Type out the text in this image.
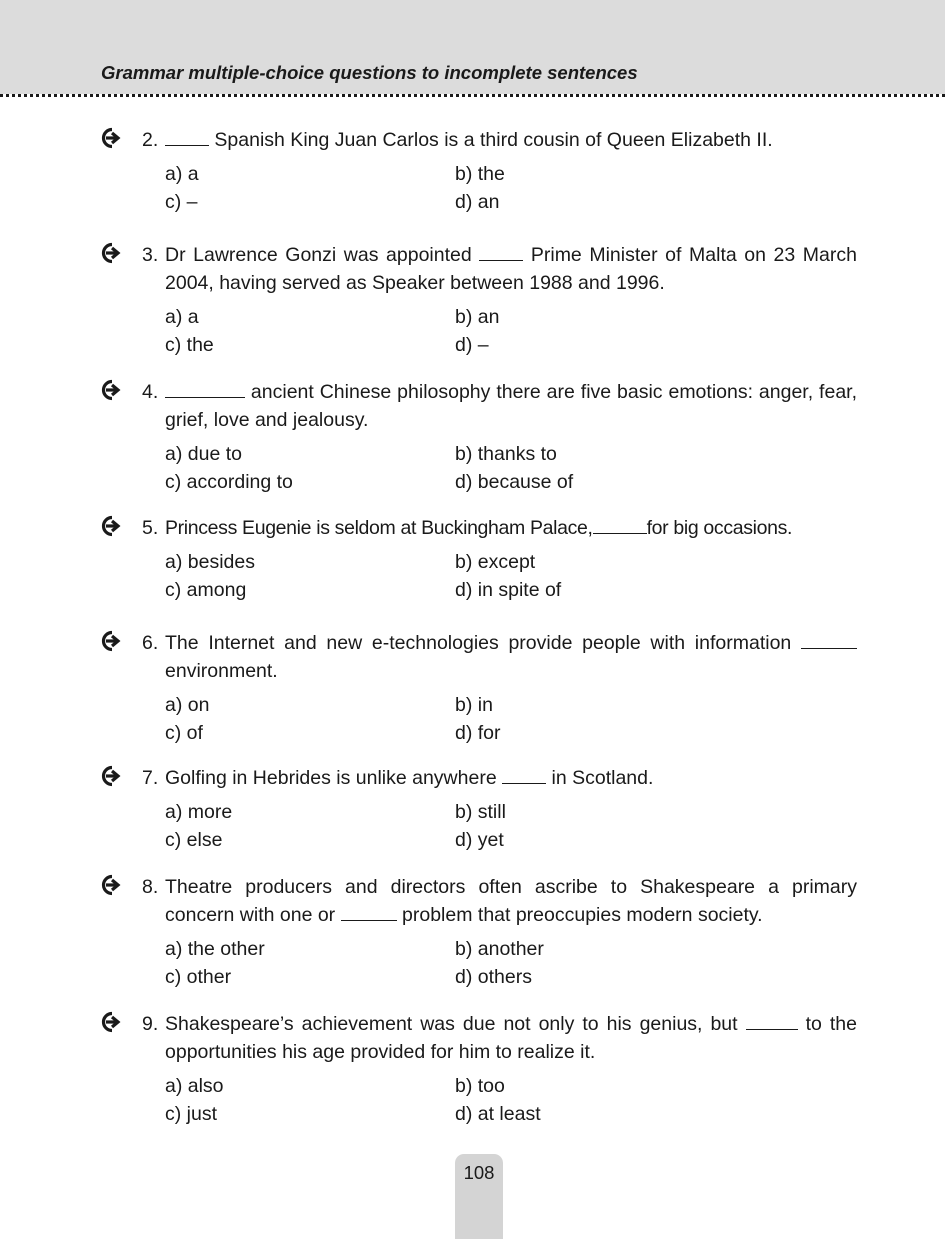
Grammar multiple-choice questions to incomplete sentences
2.	Spanish King Juan Carlos is a third cousin of Queen Elizabeth II.
a) a	b) the
c) –	d) an
3. Dr Lawrence Gonzi was appointed	Prime Minister of Malta on 23 March 2004, having served as Speaker between 1988 and 1996.
a) a	b) an
c) the	d) –
4.	ancient Chinese philosophy there are five basic emotions: anger, fear, grief, love and jealousy.
a) due to	b) thanks to
c) according to	d) because of
5. Princess Eugenie is seldom at Buckingham Palace,	for big occasions.
a) besides	b) except
c) among	d) in spite of
6. The Internet and new e-technologies provide people with information  environment.
a) on	b) in
c) of	d) for
7. Golfing in Hebrides is unlike anywhere	in Scotland.
a) more	b) still
c) else	d) yet
8. Theatre producers and directors often ascribe to Shakespeare a primary concern with one or	problem that preoccupies modern society.
a) the other	b) another
c) other	d) others
9. Shakespeare’s achievement was due not only to his genius, but	to the opportunities his age provided for him to realize it.
a) also	b) too
c) just	d) at least
108
